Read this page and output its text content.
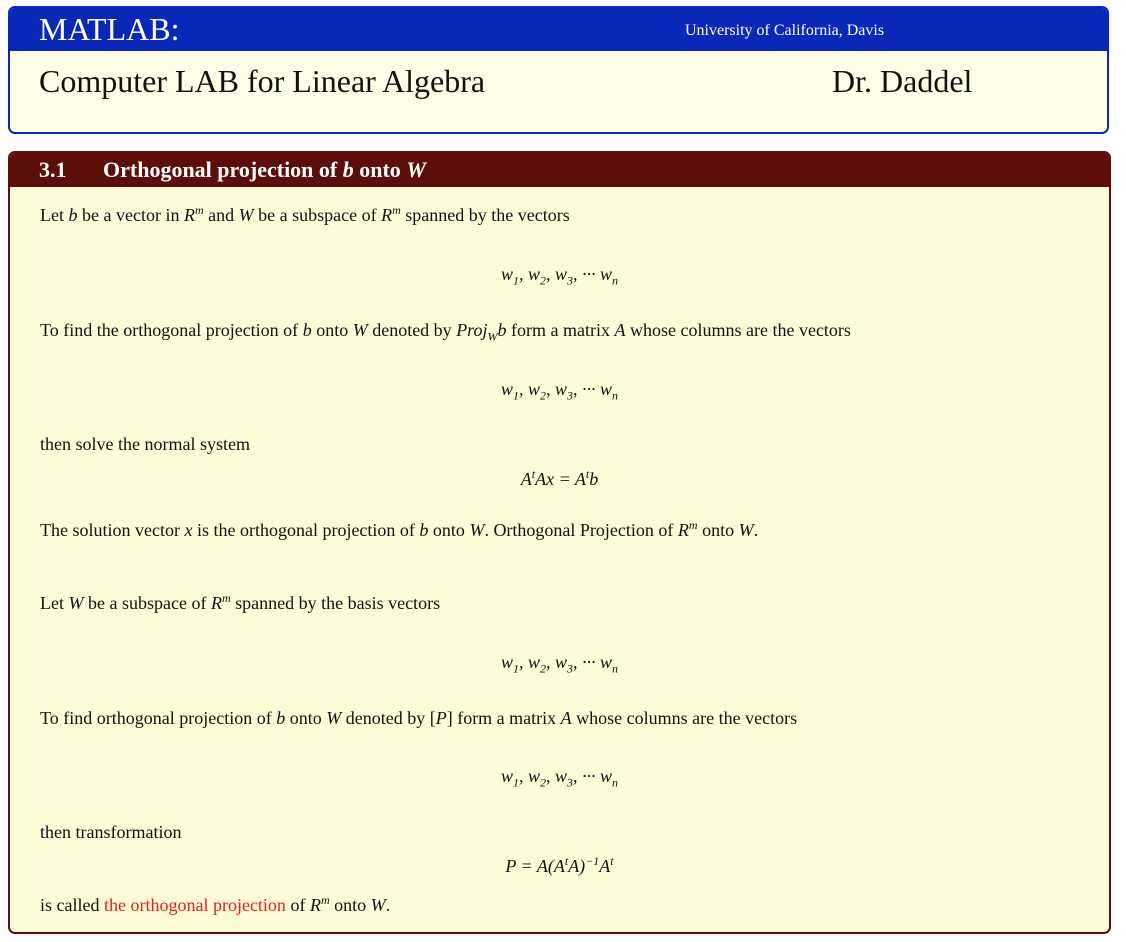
MATLAB:	University of California, Davis
Computer LAB for Linear Algebra	Dr. Daddel
3.1 Orthogonal projection of b onto W
Let b be a vector in $R^m$ and W be a subspace of $R^m$ spanned by the vectors
$w_1$, $w_2$, $w_3$, ··· $w_n$
To find the orthogonal projection of b onto W denoted by Proj$_W$b form a matrix A whose columns are the vectors
$w_1$, $w_2$, $w_3$, ··· $w_n$
then solve the normal system
$A^tAx = A^tb$
The solution vector x is the orthogonal projection of b onto W. Orthogonal Projection of $R^m$ onto W.
Let W be a subspace of $R^m$ spanned by the basis vectors
$w_1$, $w_2$, $w_3$, ··· $w_n$
To find orthogonal projection of b onto W denoted by [P] form a matrix A whose columns are the vectors
$w_1$, $w_2$, $w_3$, ··· $w_n$
then transformation
$P = A(A^tA)^{-1}A^t$
is called the orthogonal projection of $R^m$ onto W.
